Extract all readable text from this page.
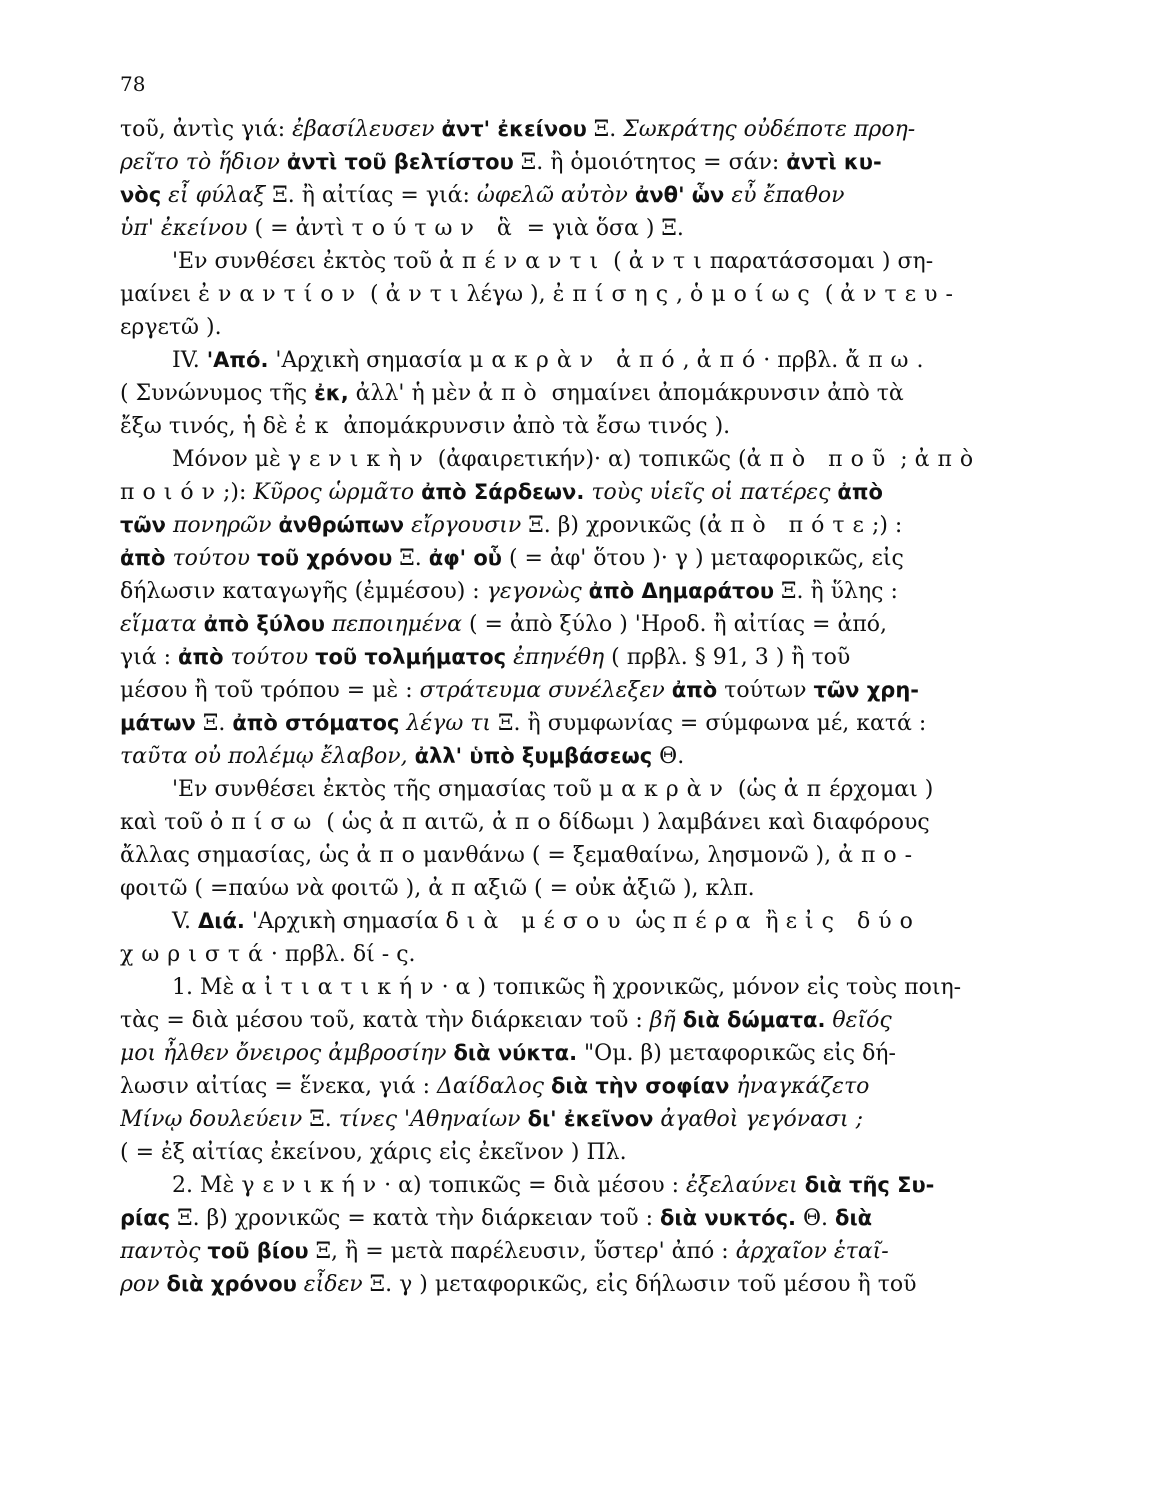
78
τοῦ, ἀντὶς γιά: ἐβασίλευσεν ἀντ' ἐκείνου Ξ. Σωκράτης οὐδέποτε προη-
ρεῖτο τὸ ἥδιον ἀντὶ τοῦ βελτίστου Ξ. ἢ ὁμοιότητος = σάν: ἀντὶ κυ-
νὸς εἶ φύλαξ Ξ. ἢ αἰτίας = γιά: ὠφελῶ αὐτὸν ἀνθ' ὧν εὖ ἔπαθον
ὑπ' ἐκείνου ( = ἀντὶ τούτων ἃ = γιὰ ὅσα ) Ξ.
'Εν συνθέσει ἐκτὸς τοῦ ἀπέναντι ( ἀντιπαρατάσσομαι ) ση-
μαίνει ἐναντίον ( ἀντιλέγω ), ἐπίσης, ὁμοίως ( ἀντευ-
εργετῶ ).
IV. 'Από. 'Αρχικὴ σημασία μακρὰν ἀπό, ἀπό· πρβλ. ἄπω.
( Συνώνυμος τῆς ἐκ, ἀλλ' ἡ μὲν ἀπὸ σημαίνει ἀπομάκρυνσιν ἀπὸ τὰ
ἔξω τινός, ἡ δὲ ἐκ ἀπομάκρυνσιν ἀπὸ τὰ ἔσω τινός ).
Μόνον μὲ γενικὴν (ἀφαιρετικήν)· α) τοπικῶς (ἀπὸ ποῦ ; ἀπὸ
ποιόν;): Κῦρος ὡρμᾶτο ἀπὸ Σάρδεων. τοὺς υἱεῖς οἱ πατέρες ἀπὸ
τῶν πονηρῶν ἀνθρώπων εἴργουσιν Ξ. β) χρονικῶς (ἀπὸ πότε;) :
ἀπὸ τούτου τοῦ χρόνου Ξ. ἀφ' οὗ ( = ἀφ' ὅτου )· γ ) μεταφορικῶς, εἰς
δήλωσιν καταγωγῆς (ἐμμέσου) : γεγονὼς ἀπὸ Δημαράτου Ξ. ἢ ὕλης :
εἵματα ἀπὸ ξύλου πεποιημένα ( = ἀπὸ ξύλο ) 'Ηροδ. ἢ αἰτίας = ἀπό,
γιά : ἀπὸ τούτου τοῦ τολμήματος ἐπηνέθη ( πρβλ. § 91, 3 ) ἢ τοῦ
μέσου ἢ τοῦ τρόπου = μὲ : στράτευμα συνέλεξεν ἀπὸ τούτων τῶν χρη-
μάτων Ξ. ἀπὸ στόματος λέγω τι Ξ. ἢ συμφωνίας = σύμφωνα μέ, κατά :
ταῦτα οὐ πολέμῳ ἔλαβον, ἀλλ' ὑπὸ ξυμβάσεως Θ.
'Εν συνθέσει ἐκτὸς τῆς σημασίας τοῦ μακρὰν (ὡς ἀπέρχομαι )
καὶ τοῦ ὀπίσω ( ὡς ἀπαιτῶ, ἀποδίδωμι ) λαμβάνει καὶ διαφόρους
ἄλλας σημασίας, ὡς ἀπομανθάνω ( = ξεμαθαίνω, λησμονῶ ), ἀπο-
φοιτῶ ( =παύω νὰ φοιτῶ ), ἀπαξιῶ ( = οὐκ ἀξιῶ ), κλπ.
V. Διά. 'Αρχικὴ σημασία διὰ μέσου ὡς πέρα ἢ εἰς δύο
χωριστά· πρβλ. δί - ς.
1. Μὲ αἰτιατικήν· α ) τοπικῶς ἢ χρονικῶς, μόνον εἰς τοὺς ποιη-
τὰς = διὰ μέσου τοῦ, κατὰ τὴν διάρκειαν τοῦ : βῆ διὰ δώματα. θεῖός
μοι ἦλθεν ὄνειρος ἀμβροσίην διὰ νύκτα. "Ομ. β) μεταφορικῶς εἰς δή-
λωσιν αἰτίας = ἕνεκα, γιά : Δαίδαλος διὰ τὴν σοφίαν ἠναγκάζετο
Μίνῳ δουλεύειν Ξ. τίνες 'Αθηναίων δι' ἐκεῖνον ἀγαθοὶ γεγόνασι ;
( = ἐξ αἰτίας ἐκείνου, χάρις εἰς ἐκεῖνον ) Πλ.
2. Μὲ γενικήν· α) τοπικῶς = διὰ μέσου : ἐξελαύνει διὰ τῆς Συ-
ρίας Ξ. β) χρονικῶς = κατὰ τὴν διάρκειαν τοῦ : διὰ νυκτός. Θ. διὰ
παντὸς τοῦ βίου Ξ, ἢ = μετὰ παρέλευσιν, ὕστερ' ἀπό : ἀρχαῖον ἑταῖ-
ρον διὰ χρόνου εἶδεν Ξ. γ ) μεταφορικῶς, εἰς δήλωσιν τοῦ μέσου ἢ τοῦ
